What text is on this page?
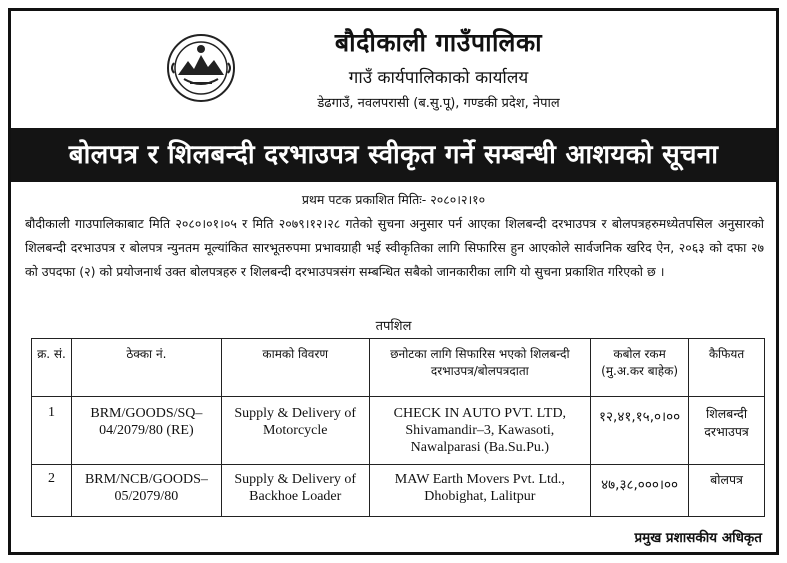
बौदीकाली गाउँपालिका
गाउँ कार्यपालिकाको कार्यालय
डेढगाउँ, नवलपरासी (ब.सु.पू), गण्डकी प्रदेश, नेपाल
बोलपत्र र शिलबन्दी दरभाउपत्र स्वीकृत गर्ने सम्बन्धी आशयको सूचना
प्रथम पटक प्रकाशित मितिः- २०८०।२।१०
बौदीकाली गाउपालिकाबाट मिति २०८०।०१।०५ र मिति २०७९।१२।२८ गतेको सुचना अनुसार पर्न आएका शिलबन्दी दरभाउपत्र र बोलपत्रहरुमध्येतपसिल अनुसारको शिलबन्दी दरभाउपत्र र बोलपत्र न्युनतम मूल्यांकित सारभूतरुपमा प्रभावग्राही भई स्वीकृतिका लागि सिफारिस हुन आएकोले सार्वजनिक खरिद ऐन, २०६३ को दफा २७ को उपदफा (२) को प्रयोजनार्थ उक्त बोलपत्रहरु र शिलबन्दी दरभाउपत्रसंग सम्बन्धित सबैको जानकारीका लागि यो सुचना प्रकाशित गरिएको छ ।
तपशिल
क्र. सं.	ठेक्का नं.	कामको विवरण	छनोटका लागि सिफारिस भएको शिलबन्दी दरभाउपत्र/बोलपत्रदाता	कबोल रकम (मु.अ.कर बाहेक)	कैफियत
1	BRM/GOODS/SQ–04/2079/80 (RE)	Supply & Delivery of Motorcycle	CHECK IN AUTO PVT. LTD, Shivamandir–3, Kawasoti, Nawalparasi (Ba.Su.Pu.)	१२,४१,१५,०।००	शिलबन्दी दरभाउपत्र
2	BRM/NCB/GOODS–05/2079/80	Supply & Delivery of Backhoe Loader	MAW Earth Movers Pvt. Ltd., Dhobighat, Lalitpur	४७,३८,०००।००	बोलपत्र
प्रमुख प्रशासकीय अधिकृत
